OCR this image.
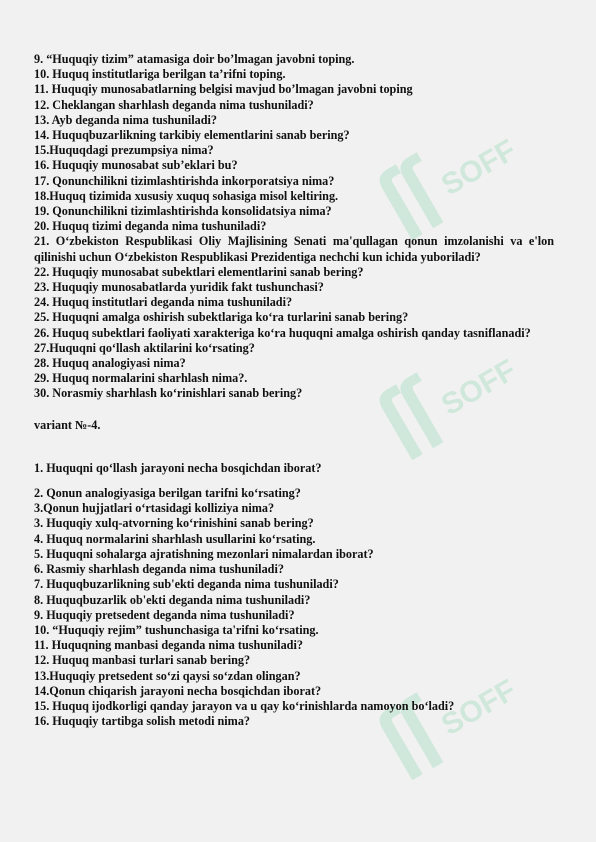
SOFF
SOFF
SOFF
9. “Huquqiy tizim” atamasiga doir bo’lmagan javobni toping.
10. Huquq institutlariga berilgan ta’rifni toping.
11. Huquqiy munosabatlarning belgisi mavjud bo’lmagan javobni toping
12. Cheklangan sharhlash deganda nima tushuniladi?
13. Ayb deganda nima tushuniladi?
14. Huquqbuzarlikning tarkibiy elementlarini sanab bering?
15.Huquqdagi prezumpsiya nima?
16. Huquqiy munosabat sub’eklari bu?
17. Qonunchilikni tizimlashtirishda inkorporatsiya nima?
18.Huquq tizimida xususiy xuquq sohasiga misol keltiring.
19. Qonunchilikni tizimlashtirishda konsolidatsiya nima?
20. Huquq tizimi deganda nima tushuniladi?
21. O‘zbekiston Respublikasi Oliy Majlisining Senati ma'qullagan qonun imzolanishi va e'lon qilinishi uchun O‘zbekiston Respublikasi Prezidentiga nechchi kun ichida yuboriladi?
22. Huquqiy munosabat subektlari elementlarini sanab bering?
23. Huquqiy munosabatlarda yuridik fakt tushunchasi?
24. Huquq institutlari deganda nima tushuniladi?
25. Huquqni amalga oshirish subektlariga ko‘ra turlarini sanab bering?
26. Huquq subektlari faoliyati xarakteriga ko‘ra huquqni amalga oshirish qanday tasniflanadi?
27.Huquqni qo‘llash aktilarini ko‘rsating?
28. Huquq analogiyasi nima?
29. Huquq normalarini sharhlash nima?.
30. Norasmiy sharhlash ko‘rinishlari sanab bering?
variant №-4.
1. Huquqni qo‘llash jarayoni necha bosqichdan iborat?
2. Qonun analogiyasiga berilgan tarifni ko‘rsating?
3.Qonun hujjatlari o‘rtasidagi kolliziya nima?
3. Huquqiy xulq-atvorning ko‘rinishini sanab bering?
4. Huquq normalarini sharhlash usullarini ko‘rsating.
5. Huquqni sohalarga ajratishning mezonlari nimalardan iborat?
6. Rasmiy sharhlash deganda nima tushuniladi?
7. Huquqbuzarlikning sub'ekti deganda nima tushuniladi?
8. Huquqbuzarlik ob'ekti deganda nima tushuniladi?
9. Huquqiy pretsedent deganda nima tushuniladi?
10. “Huquqiy rejim” tushunchasiga ta'rifni ko‘rsating.
11. Huquqning manbasi deganda nima tushuniladi?
12. Huquq manbasi turlari sanab bering?
13.Huquqiy pretsedent so‘zi qaysi so‘zdan olingan?
14.Qonun chiqarish jarayoni necha bosqichdan iborat?
15. Huquq ijodkorligi qanday jarayon va u qay ko‘rinishlarda namoyon bo‘ladi?
16. Huquqiy tartibga solish metodi nima?
